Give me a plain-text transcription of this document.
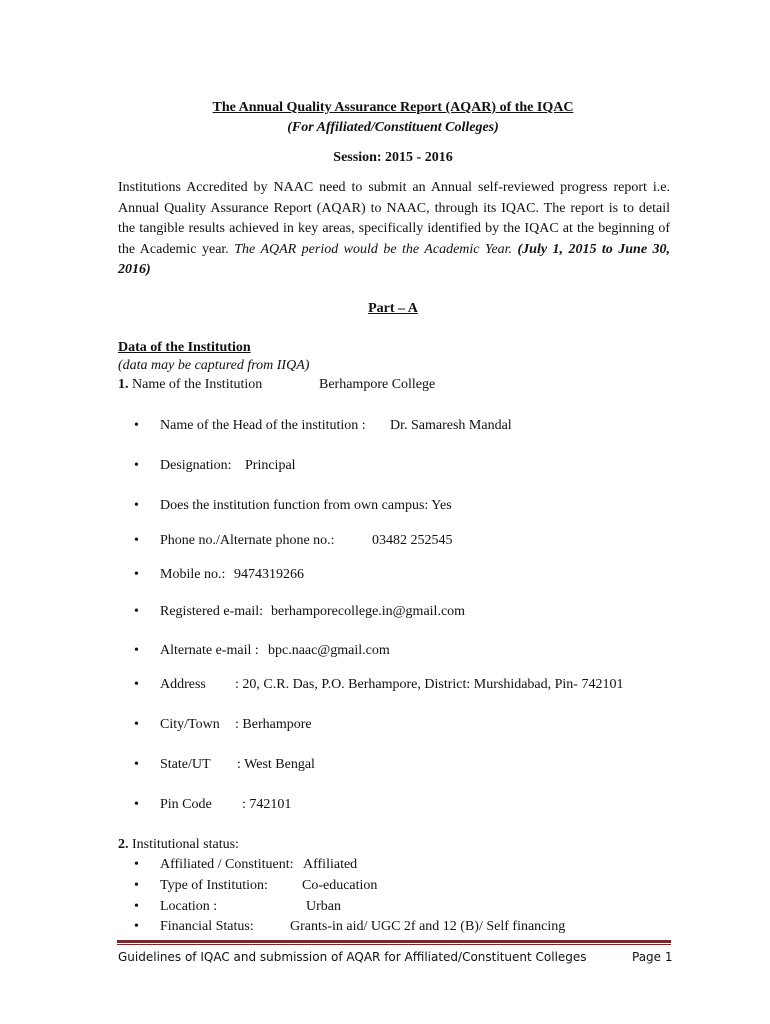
The Annual Quality Assurance Report (AQAR) of the IQAC
(For Affiliated/Constituent Colleges)
Session: 2015 - 2016
Institutions Accredited by NAAC need to submit an Annual self-reviewed progress report i.e. Annual Quality Assurance Report (AQAR) to NAAC, through its IQAC. The report is to detail the tangible results achieved in key areas, specifically identified by the IQAC at the beginning of the Academic year. The AQAR period would be the Academic Year. (July 1, 2015 to June 30, 2016)
Part – A
Data of the Institution
(data may be captured from IIQA)
1. Name of the Institution	Berhampore College
• Name of the Head of the institution : Dr. Samaresh Mandal
• Designation: Principal
• Does the institution function from own campus: Yes
• Phone no./Alternate phone no.:	03482 252545
• Mobile no.: 9474319266
• Registered e-mail: berhamporecollege.in@gmail.com
• Alternate e-mail : bpc.naac@gmail.com
• Address : 20, C.R. Das, P.O. Berhampore, District: Murshidabad, Pin- 742101
• City/Town : Berhampore
• State/UT : West Bengal
• Pin Code : 742101
2. Institutional status:
• Affiliated / Constituent: Affiliated
• Type of Institution: Co-education
• Location :	Urban
• Financial Status:	Grants-in aid/ UGC 2f and 12 (B)/ Self financing
Guidelines of IQAC and submission of AQAR for Affiliated/Constituent Colleges	Page 1
